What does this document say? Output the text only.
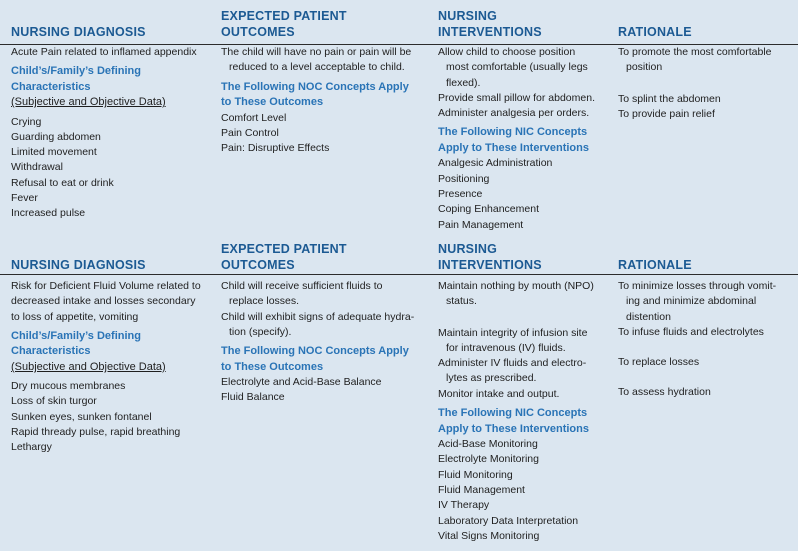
NURSING DIAGNOSIS
Acute Pain related to inflamed appendix
Child’s/Family’s Defining
Characteristics
(Subjective and Objective Data)
Crying
Guarding abdomen
Limited movement
Withdrawal
Refusal to eat or drink
Fever
Increased pulse
EXPECTED PATIENT
OUTCOMES
The child will have no pain or pain will be
reduced to a level acceptable to child.
The Following NOC Concepts Apply
to These Outcomes
Comfort Level
Pain Control
Pain: Disruptive Effects
NURSING
INTERVENTIONS
Allow child to choose position
most comfortable (usually legs
flexed).
Provide small pillow for abdomen.
Administer analgesia per orders.
The Following NIC Concepts
Apply to These Interventions
Analgesic Administration
Positioning
Presence
Coping Enhancement
Pain Management
RATIONALE
To promote the most comfortable
position
To splint the abdomen
To provide pain relief
NURSING DIAGNOSIS
Risk for Deficient Fluid Volume related to
decreased intake and losses secondary
to loss of appetite, vomiting
Child’s/Family’s Defining
Characteristics
(Subjective and Objective Data)
Dry mucous membranes
Loss of skin turgor
Sunken eyes, sunken fontanel
Rapid thready pulse, rapid breathing
Lethargy
EXPECTED PATIENT
OUTCOMES
Child will receive sufficient fluids to
replace losses.
Child will exhibit signs of adequate hydra-
tion (specify).
The Following NOC Concepts Apply
to These Outcomes
Electrolyte and Acid-Base Balance
Fluid Balance
NURSING
INTERVENTIONS
Maintain nothing by mouth (NPO)
status.
Maintain integrity of infusion site
for intravenous (IV) fluids.
Administer IV fluids and electro-
lytes as prescribed.
Monitor intake and output.
The Following NIC Concepts
Apply to These Interventions
Acid-Base Monitoring
Electrolyte Monitoring
Fluid Monitoring
Fluid Management
IV Therapy
Laboratory Data Interpretation
Vital Signs Monitoring
RATIONALE
To minimize losses through vomit-
ing and minimize abdominal
distention
To infuse fluids and electrolytes
To replace losses
To assess hydration
